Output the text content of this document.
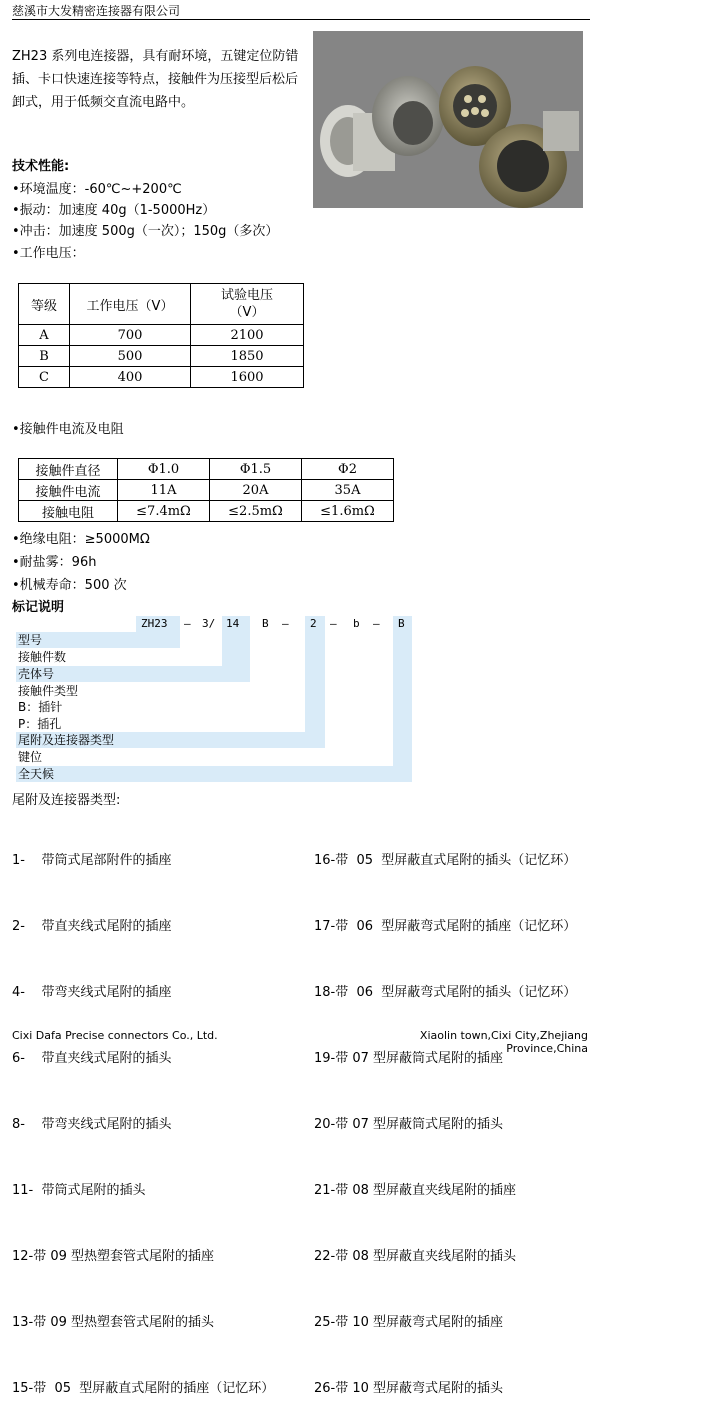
慈溪市大发精密连接器有限公司
ZH23 系列电连接器，具有耐环境，五键定位防错插、卡口快速连接等特点，接触件为压接型后松后卸式，用于低频交直流电路中。
技术性能:
•环境温度：-60℃~+200℃
•振动：加速度 40g（1-5000Hz）
•冲击：加速度 500g（一次）；150g（多次）
•工作电压：
等级	工作电压（V）	试验电压
（V）
A	700	2100
B	500	1850
C	400	1600
•接触件电流及电阻
接触件直径	Φ1.0	Φ1.5	Φ2
接触件电流	11A	20A	35A
接触电阻	≤7.4mΩ	≤2.5mΩ	≤1.6mΩ
•绝缘电阻：≥5000MΩ
•耐盐雾：96h
•机械寿命：500 次
标记说明
ZH23 — 3/ 14 B — 2 — b — B
型号
接触件数
壳体号
接触件类型
B：插针
P：插孔
尾附及连接器类型
键位
全天候
尾附及连接器类型:

1-    带筒式尾部附件的插座

2-    带直夹线式尾附的插座

4-    带弯夹线式尾附的插座

6-    带直夹线式尾附的插头

8-    带弯夹线式尾附的插头

11-  带筒式尾附的插头

12-带 09 型热塑套管式尾附的插座

13-带 09 型热塑套管式尾附的插头

15-带  05  型屏蔽直式尾附的插座（记忆环）

16-带  05  型屏蔽直式尾附的插头（记忆环）

17-带  06  型屏蔽弯式尾附的插座（记忆环）

18-带  06  型屏蔽弯式尾附的插头（记忆环）

19-带 07 型屏蔽筒式尾附的插座

20-带 07 型屏蔽筒式尾附的插头

21-带 08 型屏蔽直夹线尾附的插座

22-带 08 型屏蔽直夹线尾附的插头

25-带 10 型屏蔽弯式尾附的插座

26-带 10 型屏蔽弯式尾附的插头

Cixi Dafa Precise connectors Co., Ltd.	Xiaolin town,Cixi City,Zhejiang Province,China
